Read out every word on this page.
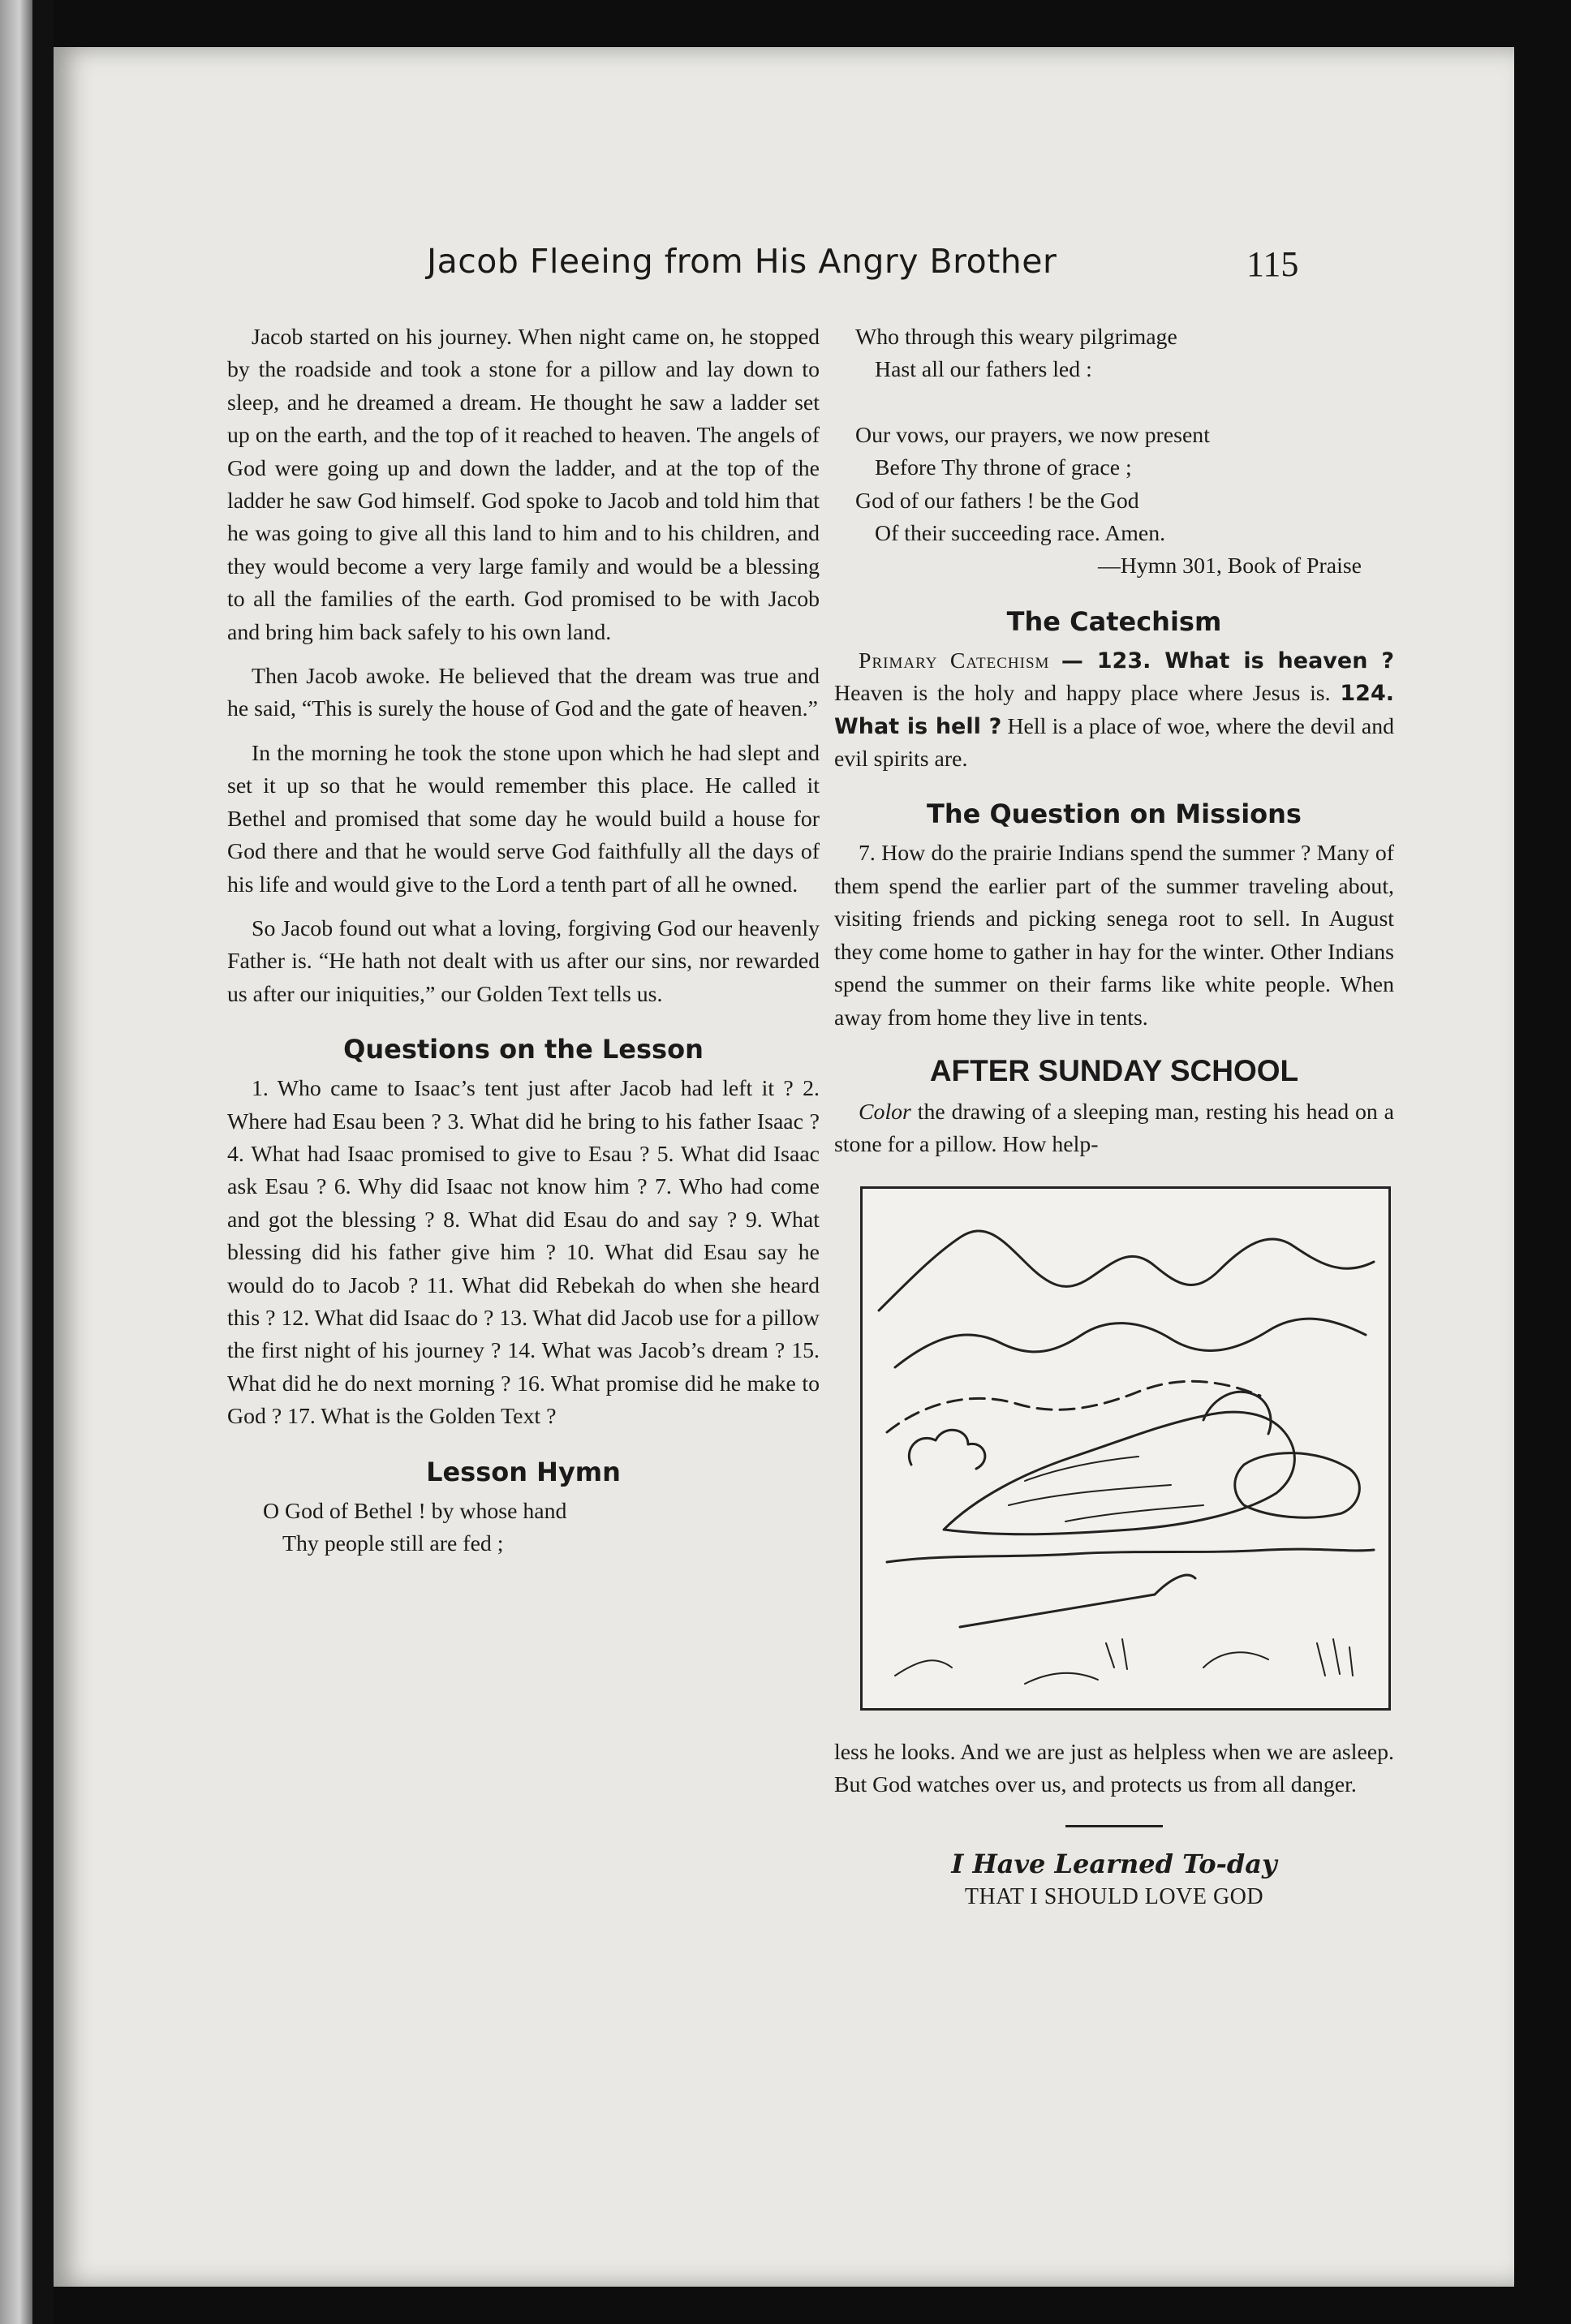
Jacob Fleeing from His Angry Brother	115

Jacob started on his journey. When night came on, he stopped by the roadside and took a stone for a pillow and lay down to sleep, and he dreamed a dream. He thought he saw a ladder set up on the earth, and the top of it reached to heaven. The angels of God were going up and down the ladder, and at the top of the ladder he saw God himself. God spoke to Jacob and told him that he was going to give all this land to him and to his children, and they would become a very large family and would be a blessing to all the families of the earth. God promised to be with Jacob and bring him back safely to his own land.

Then Jacob awoke. He believed that the dream was true and he said, “This is surely the house of God and the gate of heaven.”

In the morning he took the stone upon which he had slept and set it up so that he would remember this place. He called it Bethel and promised that some day he would build a house for God there and that he would serve God faithfully all the days of his life and would give to the Lord a tenth part of all he owned.

So Jacob found out what a loving, forgiving God our heavenly Father is. “He hath not dealt with us after our sins, nor rewarded us after our iniquities,” our Golden Text tells us.

Questions on the Lesson

1. Who came to Isaac’s tent just after Jacob had left it ? 2. Where had Esau been ? 3. What did he bring to his father Isaac ? 4. What had Isaac promised to give to Esau ? 5. What did Isaac ask Esau ? 6. Why did Isaac not know him ? 7. Who had come and got the blessing ? 8. What did Esau do and say ? 9. What blessing did his father give him ? 10. What did Esau say he would do to Jacob ? 11. What did Rebekah do when she heard this ? 12. What did Isaac do ? 13. What did Jacob use for a pillow the first night of his journey ? 14. What was Jacob’s dream ? 15. What did he do next morning ? 16. What promise did he make to God ? 17. What is the Golden Text ?

Lesson Hymn
O God of Bethel ! by whose hand
Thy people still are fed ;
Who through this weary pilgrimage
Hast all our fathers led :
Our vows, our prayers, we now present
Before Thy throne of grace ;
God of our fathers ! be the God
Of their succeeding race. Amen.
—Hymn 301, Book of Praise
The Catechism

Primary Catechism — 123. What is heaven ? Heaven is the holy and happy place where Jesus is. 124. What is hell ? Hell is a place of woe, where the devil and evil spirits are.

The Question on Missions

7. How do the prairie Indians spend the summer ? Many of them spend the earlier part of the summer traveling about, visiting friends and picking senega root to sell. In August they come home to gather in hay for the winter. Other Indians spend the summer on their farms like white people. When away from home they live in tents.

AFTER SUNDAY SCHOOL

Color the drawing of a sleeping man, resting his head on a stone for a pillow. How help-

less he looks. And we are just as helpless when we are asleep. But God watches over us, and protects us from all danger.

I Have Learned To-day
THAT I SHOULD LOVE GOD
